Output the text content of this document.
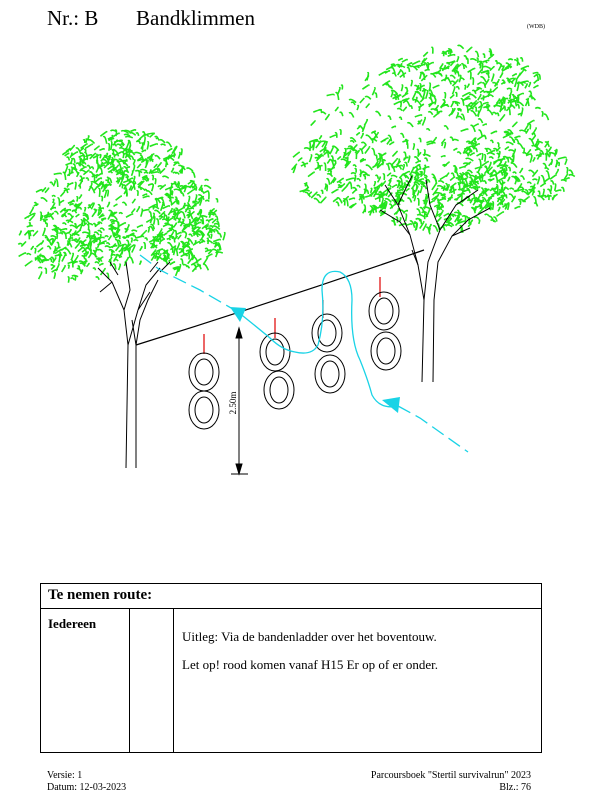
Nr.: B Bandklimmen	(WDB)
2.50m
Te nemen route:
Iedereen
Uitleg: Via de bandenladder over het boventouw.
Let op! rood komen vanaf H15 Er op of er onder.
Versie: 1
Datum: 12-03-2023
Parcoursboek "Stertil survivalrun" 2023
Blz.: 76
